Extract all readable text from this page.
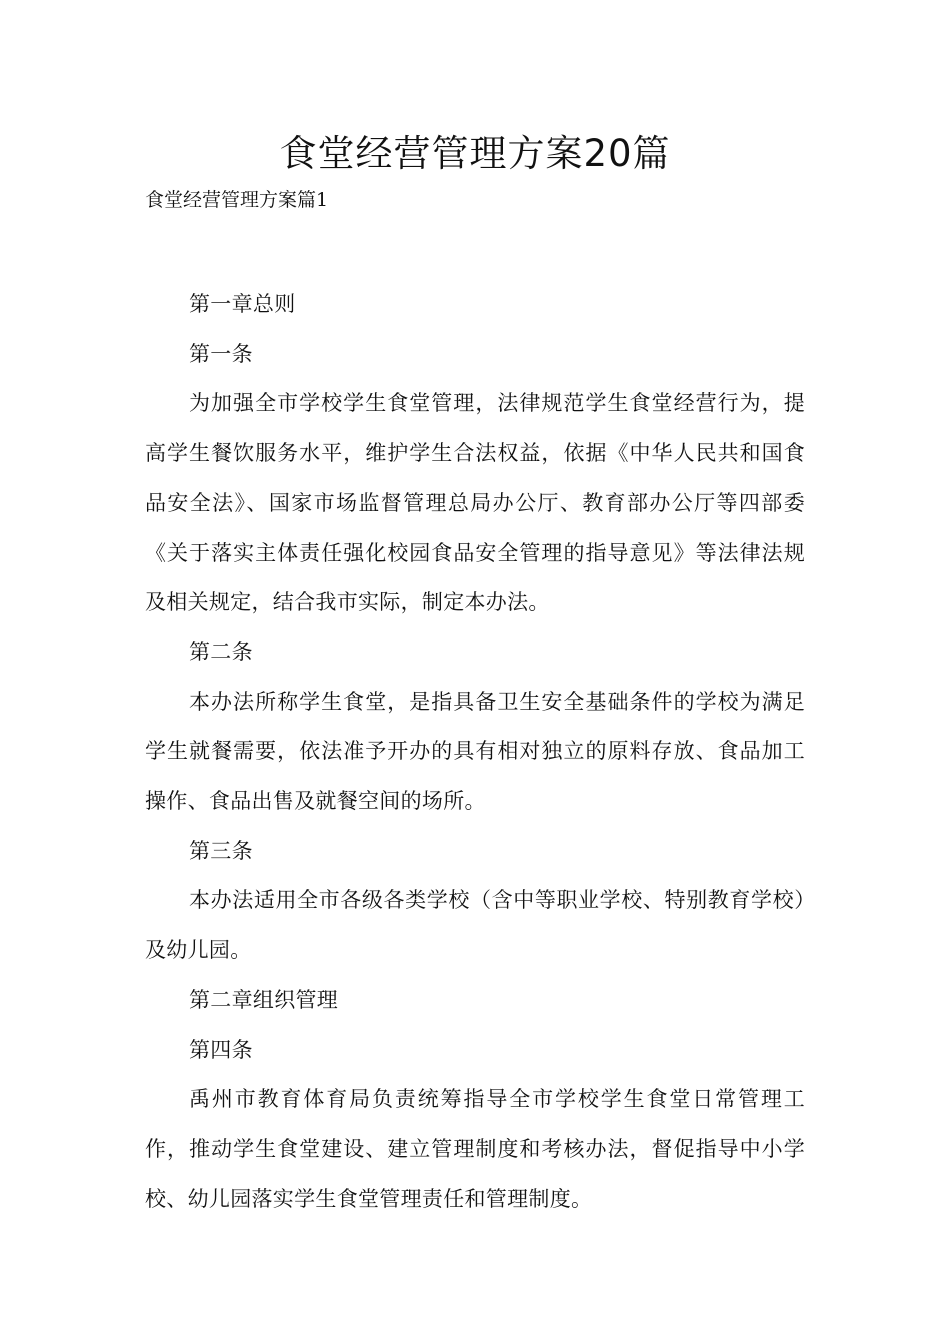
食堂经营管理方案20篇

食堂经营管理方案篇1

第一章总则

第一条

为加强全市学校学生食堂管理，法律规范学生食堂经营行为，提高学生餐饮服务水平，维护学生合法权益，依据《中华人民共和国食品安全法》、国家市场监督管理总局办公厅、教育部办公厅等四部委《关于落实主体责任强化校园食品安全管理的指导意见》等法律法规及相关规定，结合我市实际，制定本办法。

第二条

本办法所称学生食堂，是指具备卫生安全基础条件的学校为满足学生就餐需要，依法准予开办的具有相对独立的原料存放、食品加工操作、食品出售及就餐空间的场所。

第三条

本办法适用全市各级各类学校（含中等职业学校、特别教育学校）及幼儿园。

第二章组织管理

第四条

禹州市教育体育局负责统筹指导全市学校学生食堂日常管理工作，推动学生食堂建设、建立管理制度和考核办法，督促指导中小学校、幼儿园落实学生食堂管理责任和管理制度。
